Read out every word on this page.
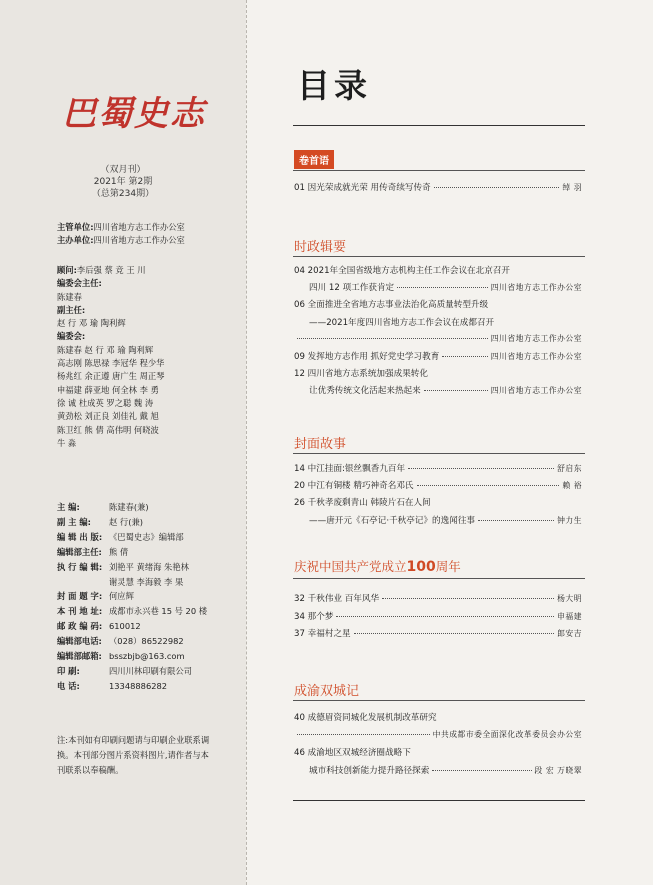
巴蜀史志
（双月刊）
2021年 第2期
（总第234期）
主管单位:四川省地方志工作办公室
主办单位:四川省地方志工作办公室
顾问:李后强 蔡 竞 王 川
编委会主任:
陈建春
副主任:
赵 行 邓 瑜 陶利辉
编委会:
陈建春 赵 行 邓 瑜 陶利辉
高志刚 陈思禄 李冠华 程少华
杨兆红 余正遵 唐广生 周正琴
申福建 薛亚地 何全林 李 勇
徐 诚 杜成英 罗之聪 魏 涛
黄劲松 刘正良 刘佳礼 戴 旭
陈卫红 熊 倩 高伟明 何晓波
牛 淼
主 编:	陈建春(兼)
副 主 编: 赵 行(兼)
编 辑 出 版: 《巴蜀史志》编辑部
编辑部主任: 熊 倩
执 行 编 辑: 刘艳平 黄绪海 朱艳林
谢灵慧 李海毅 李 果
封 面 题 字: 何应辉
本 刊 地 址: 成都市永兴巷 15 号 20 楼
邮 政 编 码: 610012
编辑部电话: （028）86522982
编辑部邮箱: bsszbjb@163.com
印 刷:	四川川林印刷有限公司
电 话:	13348886282
注:本刊如有印刷问题请与印刷企业联系调
换。本刊部分图片系资料图片,请作者与本
刊联系以奉稿酬。
目录
卷首语
01 因光荣成就光荣 用传奇续写传奇	绰 羽
时政辑要
04 2021年全国省级地方志机构主任工作会议在北京召开
四川 12 项工作获肯定	四川省地方志工作办公室
06 全面推进全省地方志事业法治化高质量转型升级
——2021年度四川省地方志工作会议在成都召开
四川省地方志工作办公室
09 发挥地方志作用 抓好党史学习教育	四川省地方志工作办公室
12 四川省地方志系统加强成果转化
让优秀传统文化活起来热起来	四川省地方志工作办公室
封面故事
14 中江挂面:银丝飘香九百年	舒启东
20 中江有铜楼 精巧神奇名邓氏	赖 裕
26 千秋孝废剩青山 韩陵片石在人间
——唐开元《石亭记·千秋亭记》的逸闻往事	钟力生
庆祝中国共产党成立100周年
32 千秋伟业 百年风华	杨大明
34 那个梦	申福建
37 幸福村之星	郎安吉
成渝双城记
40 成德眉资同城化发展机制改革研究
中共成都市委全面深化改革委员会办公室
46 成渝地区双城经济圈战略下
城市科技创新能力提升路径探索	段 宏 万晓翠
